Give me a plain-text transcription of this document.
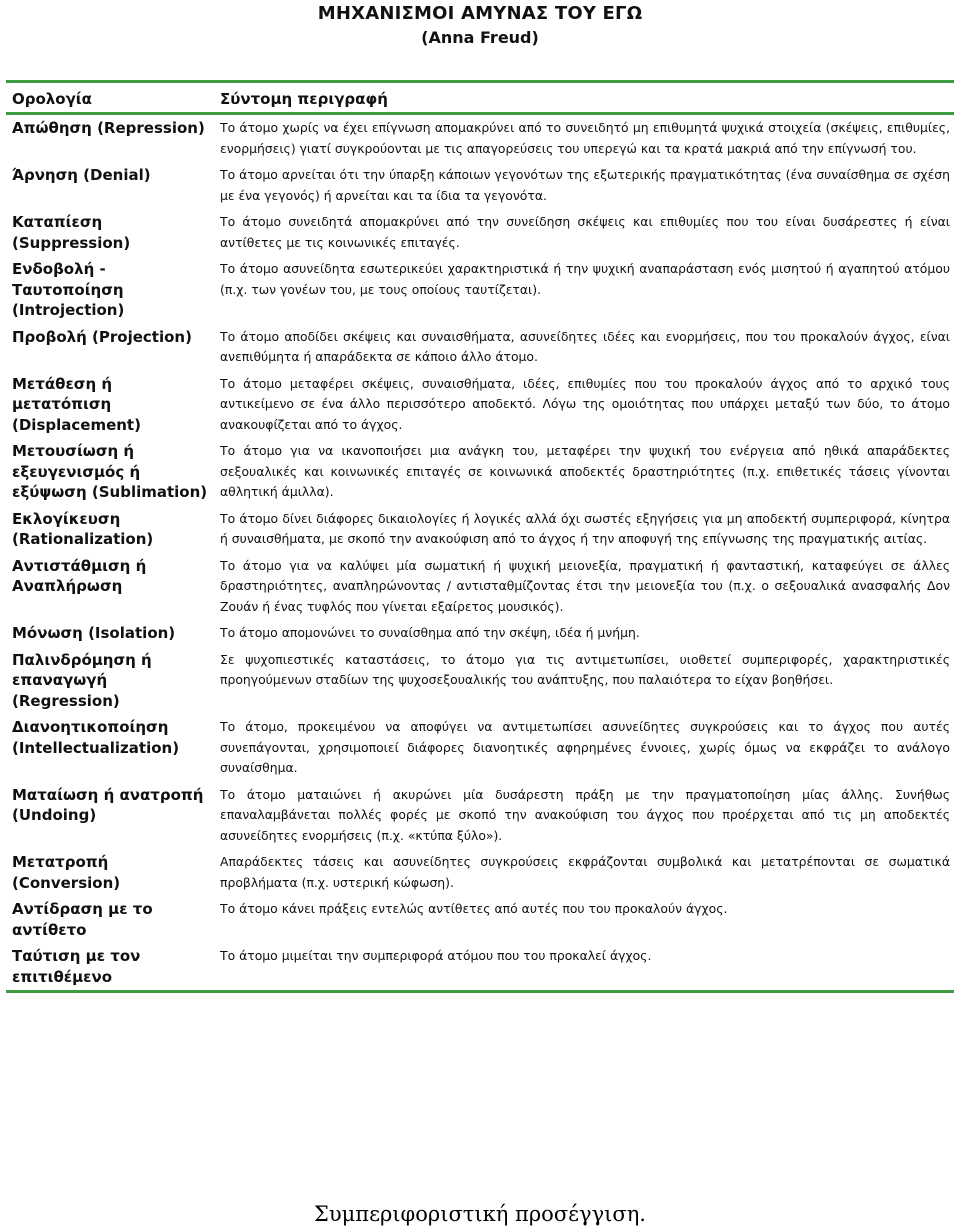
ΜΗΧΑΝΙΣΜΟΙ ΑΜΥΝΑΣ ΤΟΥ ΕΓΩ
(Anna Freud)
Ορολογία	Σύντομη περιγραφή
Απώθηση (Repression)	Το άτομο χωρίς να έχει επίγνωση απομακρύνει από το συνειδητό μη επιθυμητά ψυχικά στοιχεία (σκέψεις, επιθυμίες, ενορμήσεις) γιατί συγκρούονται με τις απαγορεύσεις του υπερεγώ και τα κρατά μακριά από την επίγνωσή του.
Άρνηση (Denial)	Το άτομο αρνείται ότι την ύπαρξη κάποιων γεγονότων της εξωτερικής πραγματικότητας (ένα συναίσθημα σε σχέση με ένα γεγονός) ή αρνείται και τα ίδια τα γεγονότα.
Καταπίεση (Suppression)	Το άτομο συνειδητά απομακρύνει από την συνείδηση σκέψεις και επιθυμίες που του είναι δυσάρεστες ή είναι αντίθετες με τις κοινωνικές επιταγές.
Ενδοβολή - Ταυτοποίηση (Introjection)	Το άτομο ασυνείδητα εσωτερικεύει χαρακτηριστικά ή την ψυχική αναπαράσταση ενός μισητού ή αγαπητού ατόμου (π.χ. των γονέων του, με τους οποίους ταυτίζεται).
Προβολή (Projection)	Το άτομο αποδίδει σκέψεις και συναισθήματα, ασυνείδητες ιδέες και ενορμήσεις, που του προκαλούν άγχος, είναι ανεπιθύμητα ή απαράδεκτα σε κάποιο άλλο άτομο.
Μετάθεση ή μετατόπιση (Displacement)	Το άτομο μεταφέρει σκέψεις, συναισθήματα, ιδέες, επιθυμίες που του προκαλούν άγχος από το αρχικό τους αντικείμενο σε ένα άλλο περισσότερο αποδεκτό. Λόγω της ομοιότητας που υπάρχει μεταξύ των δύο, το άτομο ανακουφίζεται από το άγχος.
Μετουσίωση ή εξευγενισμός ή εξύψωση (Sublimation)	Το άτομο για να ικανοποιήσει μια ανάγκη του, μεταφέρει την ψυχική του ενέργεια από ηθικά απαράδεκτες σεξουαλικές και κοινωνικές επιταγές σε κοινωνικά αποδεκτές δραστηριότητες (π.χ. επιθετικές τάσεις γίνονται αθλητική άμιλλα).
Εκλογίκευση (Rationalization)	Το άτομο δίνει διάφορες δικαιολογίες ή λογικές αλλά όχι σωστές εξηγήσεις για μη αποδεκτή συμπεριφορά, κίνητρα ή συναισθήματα, με σκοπό την ανακούφιση από το άγχος ή την αποφυγή της επίγνωσης της πραγματικής αιτίας.
Αντιστάθμιση ή Αναπλήρωση	Το άτομο για να καλύψει μία σωματική ή ψυχική μειονεξία, πραγματική ή φανταστική, καταφεύγει σε άλλες δραστηριότητες, αναπληρώνοντας / αντισταθμίζοντας έτσι την μειονεξία του (π.χ. ο σεξουαλικά ανασφαλής Δον Ζουάν ή ένας τυφλός που γίνεται εξαίρετος μουσικός).
Μόνωση (Isolation)	Το άτομο απομονώνει το συναίσθημα από την σκέψη, ιδέα ή μνήμη.
Παλινδρόμηση ή επαναγωγή (Regression)	Σε ψυχοπιεστικές καταστάσεις, το άτομο για τις αντιμετωπίσει, υιοθετεί συμπεριφορές, χαρακτηριστικές προηγούμενων σταδίων της ψυχοσεξουαλικής του ανάπτυξης, που παλαιότερα το είχαν βοηθήσει.
Διανοητικοποίηση (Intellectualization)	Το άτομο, προκειμένου να αποφύγει να αντιμετωπίσει ασυνείδητες συγκρούσεις και το άγχος που αυτές συνεπάγονται, χρησιμοποιεί διάφορες διανοητικές αφηρημένες έννοιες, χωρίς όμως να εκφράζει το ανάλογο συναίσθημα.
Ματαίωση ή ανατροπή (Undoing)	Το άτομο ματαιώνει ή ακυρώνει μία δυσάρεστη πράξη με την πραγματοποίηση μίας άλλης. Συνήθως επαναλαμβάνεται πολλές φορές με σκοπό την ανακούφιση του άγχος που προέρχεται από τις μη αποδεκτές ασυνείδητες ενορμήσεις (π.χ. «κτύπα ξύλο»).
Μετατροπή (Conversion)	Απαράδεκτες τάσεις και ασυνείδητες συγκρούσεις εκφράζονται συμβολικά και μετατρέπονται σε σωματικά προβλήματα (π.χ. υστερική κώφωση).
Αντίδραση με το αντίθετο	Το άτομο κάνει πράξεις εντελώς αντίθετες από αυτές που του προκαλούν άγχος.
Ταύτιση με τον επιτιθέμενο	Το άτομο μιμείται την συμπεριφορά ατόμου που του προκαλεί άγχος.
Συμπεριφοριστική προσέγγιση.
